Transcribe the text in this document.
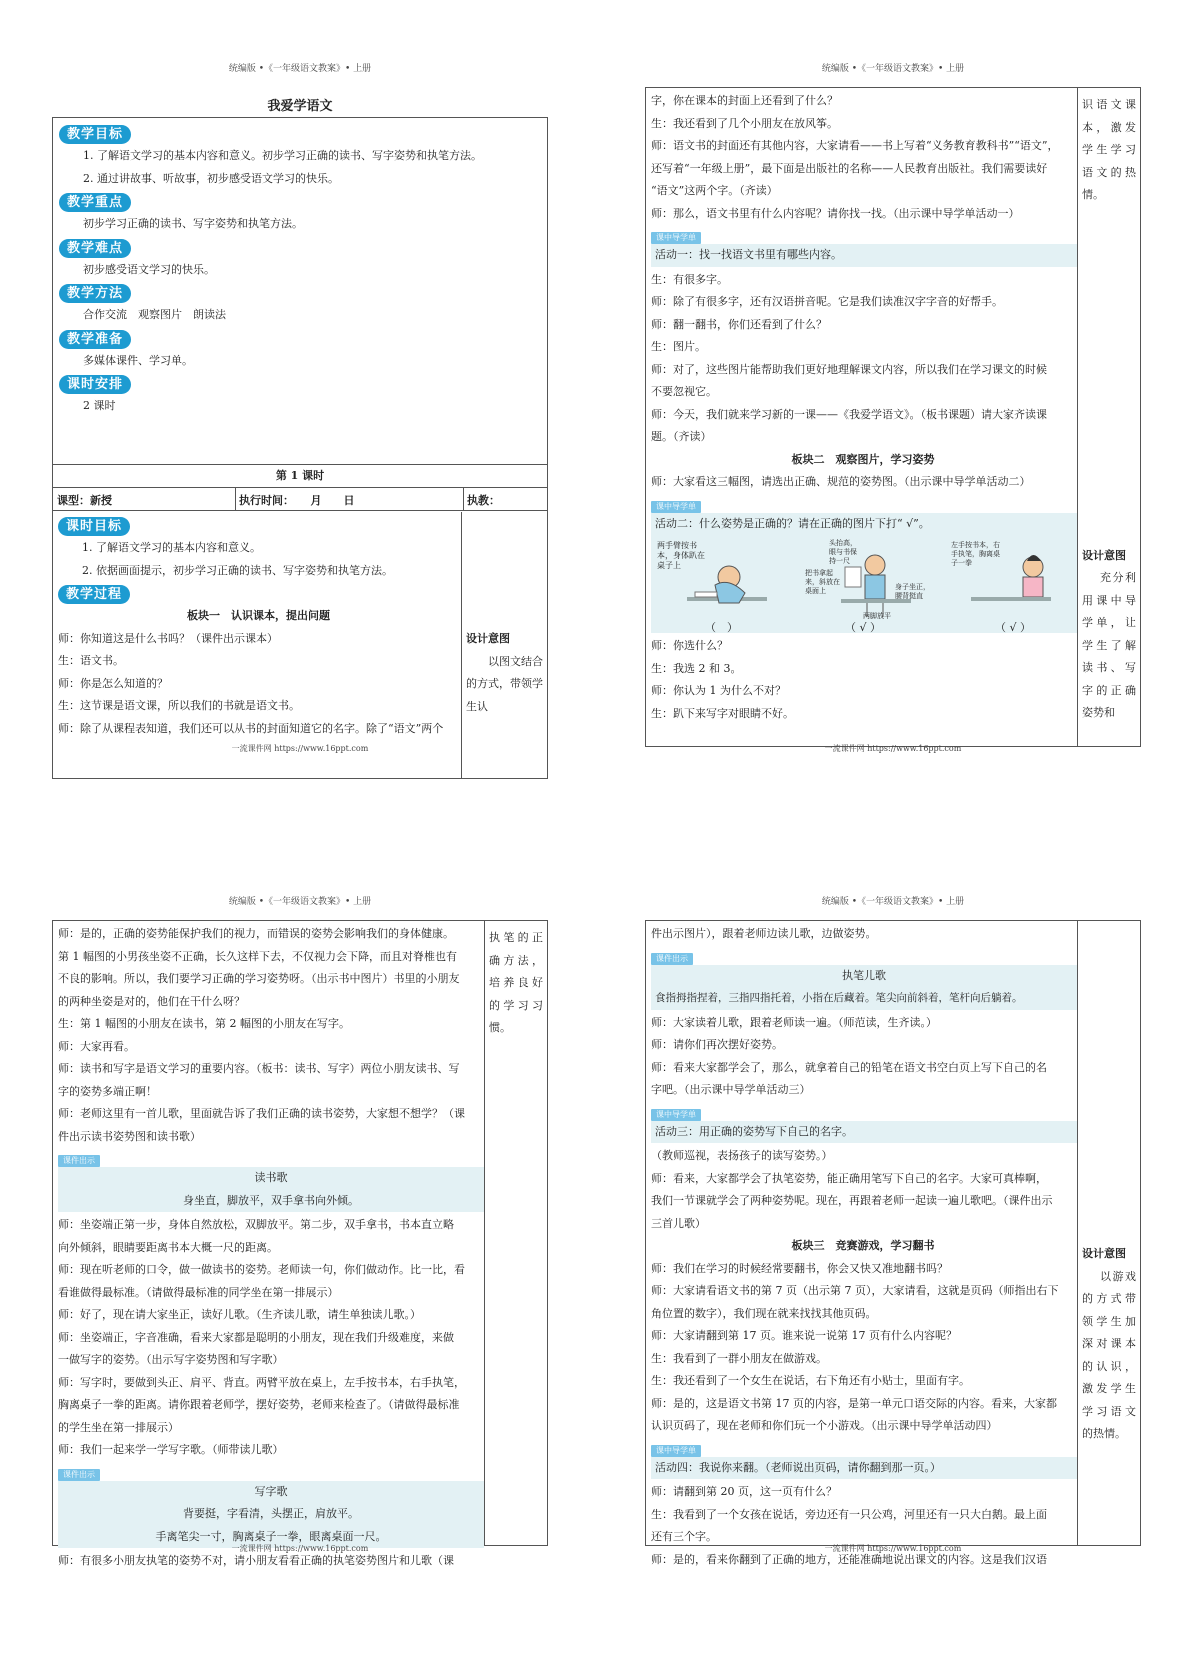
统编版 •《一年级语文教案》• 上册
我爱学语文
教学目标
1. 了解语文学习的基本内容和意义。初步学习正确的读书、写字姿势和执笔方法。
2. 通过讲故事、听故事，初步感受语文学习的快乐。
教学重点
初步学习正确的读书、写字姿势和执笔方法。
教学难点
初步感受语文学习的快乐。
教学方法
合作交流　观察图片　朗读法
教学准备
多媒体课件、学习单。
课时安排
2 课时
第 1 课时
课型：新授	执行时间：　　月　　日	执教：
课时目标
1. 了解语文学习的基本内容和意义。
2. 依据画面提示，初步学习正确的读书、写字姿势和执笔方法。
教学过程
板块一　认识课本，提出问题
师：你知道这是什么书吗？（课件出示课本）
生：语文书。
师：你是怎么知道的？
生：这节课是语文课，所以我们的书就是语文书。
师：除了从课程表知道，我们还可以从书的封面知道它的名字。除了“语文”两个
设计意图
以图文结合的方式，带领学生认
一流课件网 https://www.16ppt.com
统编版 •《一年级语文教案》• 上册
字，你在课本的封面上还看到了什么？
生：我还看到了几个小朋友在放风筝。
师：语文书的封面还有其他内容，大家请看——书上写着“义务教育教科书”“语文”，
还写着“一年级上册”，最下面是出版社的名称——人民教育出版社。我们需要读好
“语文”这两个字。（齐读）
师：那么，语文书里有什么内容呢？请你找一找。（出示课中导学单活动一）
课中导学单
活动一：找一找语文书里有哪些内容。
生：有很多字。
师：除了有很多字，还有汉语拼音呢。它是我们读准汉字字音的好帮手。
师：翻一翻书，你们还看到了什么？
生：图片。
师：对了，这些图片能帮助我们更好地理解课文内容，所以我们在学习课文的时候
不要忽视它。
师：今天，我们就来学习新的一课——《我爱学语文》。（板书课题）请大家齐读课
题。（齐读）
板块二　观察图片，学习姿势
师：大家看这三幅图，请选出正确、规范的姿势图。（出示课中导学单活动二）
课中导学单
活动二：什么姿势是正确的？请在正确的图片下打“ √”。
两手臂按书本，身体趴在桌子上
头抬高，眼与书保持一尺
把书拿起来，斜放在桌面上	身子坐正，腰背挺直
两脚放平
左手按书本，右手执笔，胸离桌子一拳
（　）	（ √ ）	（ √ ）
师：你选什么？
生：我选 2 和 3。
师：你认为 1 为什么不对？
生：趴下来写字对眼睛不好。
识语文课本，激发学生学习语文的热情。
设计意图
充分利用课中导学单，让学生了解读书、写字的正确姿势和
一流课件网 https://www.16ppt.com
统编版 •《一年级语文教案》• 上册
师：是的，正确的姿势能保护我们的视力，而错误的姿势会影响我们的身体健康。
第 1 幅图的小男孩坐姿不正确，长久这样下去，不仅视力会下降，而且对脊椎也有
不良的影响。所以，我们要学习正确的学习姿势呀。（出示书中图片）书里的小朋友
的两种坐姿是对的，他们在干什么呀？
生：第 1 幅图的小朋友在读书，第 2 幅图的小朋友在写字。
师：大家再看。
师：读书和写字是语文学习的重要内容。（板书：读书、写字）两位小朋友读书、写
字的姿势多端正啊！
师：老师这里有一首儿歌，里面就告诉了我们正确的读书姿势，大家想不想学？（课
件出示读书姿势图和读书歌）
课件出示
读书歌
身坐直，脚放平，双手拿书向外倾。
师：坐姿端正第一步，身体自然放松，双脚放平。第二步，双手拿书，书本直立略
向外倾斜，眼睛要距离书本大概一尺的距离。
师：现在听老师的口令，做一做读书的姿势。老师读一句，你们做动作。比一比，看
看谁做得最标准。（请做得最标准的同学坐在第一排展示）
师：好了，现在请大家坐正，读好儿歌。（生齐读儿歌，请生单独读儿歌。）
师：坐姿端正，字音准确，看来大家都是聪明的小朋友，现在我们升级难度，来做
一做写字的姿势。（出示写字姿势图和写字歌）
师：写字时，要做到头正、肩平、背直。两臂平放在桌上，左手按书本，右手执笔，
胸离桌子一拳的距离。请你跟着老师学，摆好姿势，老师来检查了。（请做得最标准
的学生坐在第一排展示）
师：我们一起来学一学写字歌。（师带读儿歌）
课件出示
写字歌
背要挺，字看清，头摆正，肩放平。
手离笔尖一寸，胸离桌子一拳，眼离桌面一尺。
师：有很多小朋友执笔的姿势不对，请小朋友看看正确的执笔姿势图片和儿歌（课
执笔的正确方法，培养良好的学习习惯。
一流课件网 https://www.16ppt.com
统编版 •《一年级语文教案》• 上册
件出示图片），跟着老师边读儿歌，边做姿势。
课件出示
执笔儿歌
食指拇指捏着，三指四指托着，小指在后藏着。笔尖向前斜着，笔杆向后躺着。
师：大家读着儿歌，跟着老师读一遍。（师范读，生齐读。）
师：请你们再次摆好姿势。
师：看来大家都学会了，那么，就拿着自己的铅笔在语文书空白页上写下自己的名
字吧。（出示课中导学单活动三）
课中导学单
活动三：用正确的姿势写下自己的名字。
（教师巡视，表扬孩子的读写姿势。）
师：看来，大家都学会了执笔姿势，能正确用笔写下自己的名字。大家可真棒啊，
我们一节课就学会了两种姿势呢。现在，再跟着老师一起读一遍儿歌吧。（课件出示
三首儿歌）
板块三　竞赛游戏，学习翻书
师：我们在学习的时候经常要翻书，你会又快又准地翻书吗？
师：大家请看语文书的第 7 页（出示第 7 页），大家请看，这就是页码（师指出右下
角位置的数字），我们现在就来找找其他页码。
师：大家请翻到第 17 页。谁来说一说第 17 页有什么内容呢？
生：我看到了一群小朋友在做游戏。
生：我还看到了一个女生在说话，右下角还有小贴士，里面有字。
师：是的，这是语文书第 17 页的内容，是第一单元口语交际的内容。看来，大家都
认识页码了，现在老师和你们玩一个小游戏。（出示课中导学单活动四）
课中导学单
活动四：我说你来翻。（老师说出页码，请你翻到那一页。）
师：请翻到第 20 页，这一页有什么？
生：我看到了一个女孩在说话，旁边还有一只公鸡，河里还有一只大白鹅。最上面
还有三个字。
师：是的，看来你翻到了正确的地方，还能准确地说出课文的内容。这是我们汉语
设计意图
以游戏的方式带领学生加深对课本的认识，激发学生学习语文的热情。
一流课件网 https://www.16ppt.com
